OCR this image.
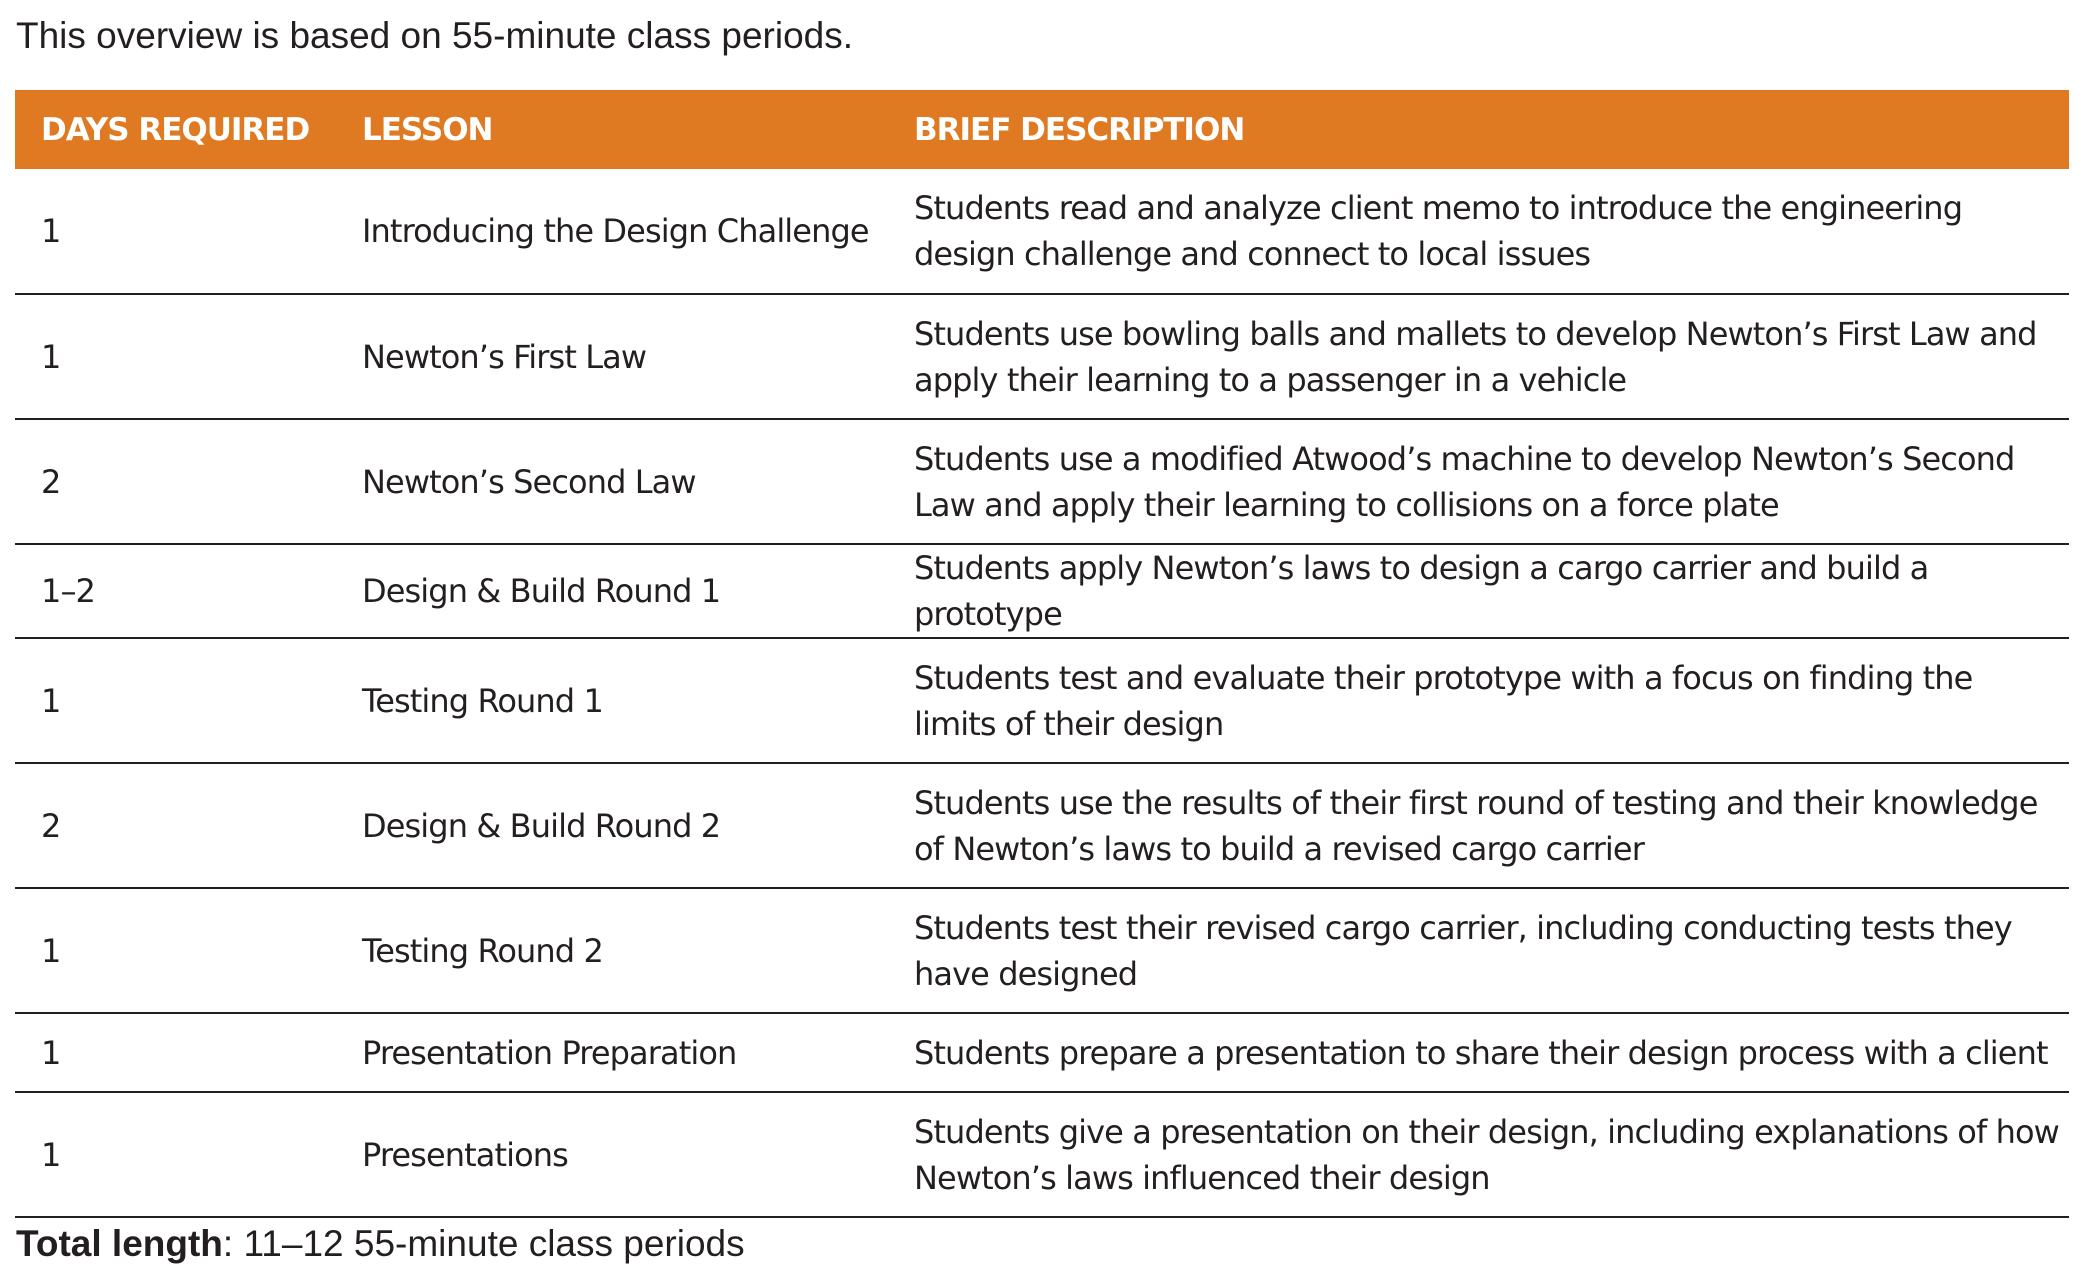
This overview is based on 55-minute class periods.
DAYS REQUIRED	LESSON	BRIEF DESCRIPTION
1	Introducing the Design Challenge	Students read and analyze client memo to introduce the engineering design challenge and connect to local issues
1	Newton’s First Law	Students use bowling balls and mallets to develop Newton’s First Law and apply their learning to a passenger in a vehicle
2	Newton’s Second Law	Students use a modified Atwood’s machine to develop Newton’s Second Law and apply their learning to collisions on a force plate
1–2	Design & Build Round 1	Students apply Newton’s laws to design a cargo carrier and build a prototype
1	Testing Round 1	Students test and evaluate their prototype with a focus on finding the limits of their design
2	Design & Build Round 2	Students use the results of their first round of testing and their knowledge of Newton’s laws to build a revised cargo carrier
1	Testing Round 2	Students test their revised cargo carrier, including conducting tests they have designed
1	Presentation Preparation	Students prepare a presentation to share their design process with a client
1	Presentations	Students give a presentation on their design, including explanations of how Newton’s laws influenced their design
Total length: 11–12 55-minute class periods
